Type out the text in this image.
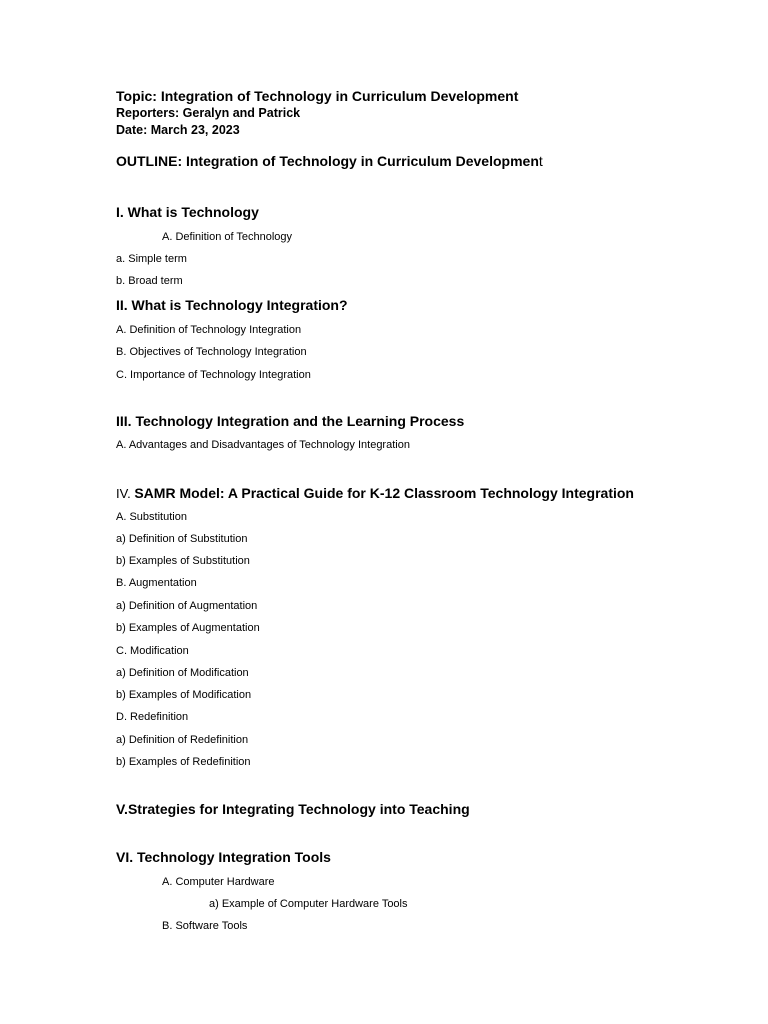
Topic: Integration of Technology in Curriculum Development
Reporters: Geralyn and Patrick
Date: March 23, 2023
OUTLINE: Integration of Technology in Curriculum Development
I. What is Technology
A. Definition of Technology
a. Simple term
b. Broad term
II. What is Technology Integration?
A. Definition of Technology Integration
B. Objectives of Technology Integration
C. Importance of Technology Integration
III. Technology Integration and the Learning Process
A. Advantages and Disadvantages of Technology Integration
IV. SAMR Model: A Practical Guide for K-12 Classroom Technology Integration
A. Substitution
a) Definition of Substitution
b) Examples of Substitution
B. Augmentation
a) Definition of Augmentation
b) Examples of Augmentation
C. Modification
a) Definition of Modification
b) Examples of Modification
D. Redefinition
a) Definition of Redefinition
b) Examples of Redefinition
V.Strategies for Integrating Technology into Teaching
VI. Technology Integration Tools
A. Computer Hardware
a) Example of Computer Hardware Tools
B. Software Tools
